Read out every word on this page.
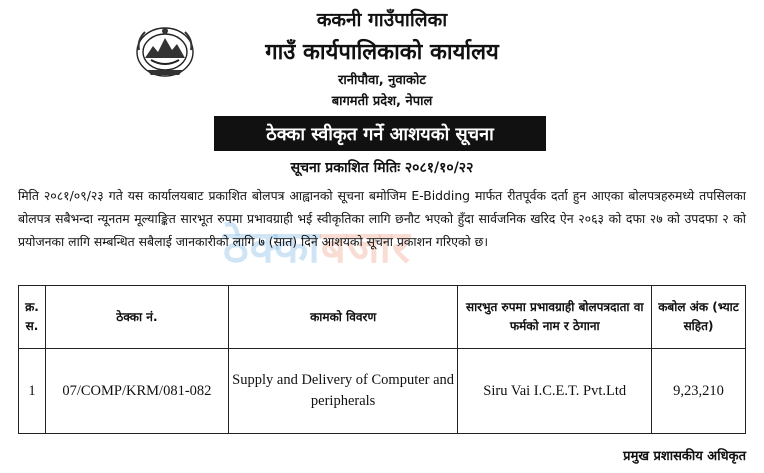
ककनी गाउँपालिका
गाउँ कार्यपालिकाको कार्यालय
रानीपौवा, नुवाकोट
बागमती प्रदेश, नेपाल
ठेक्का स्वीकृत गर्ने आशयको सूचना
सूचना प्रकाशित मितिः २०८१/१०/२२
ठेक्काबजार

मिति २०८१/०९/२३ गते यस कार्यालयबाट प्रकाशित बोलपत्र आह्वानको सूचना बमोजिम E-Bidding मार्फत रीतपूर्वक दर्ता हुन आएका बोलपत्रहरुमध्ये तपसिलका बोलपत्र सबैभन्दा न्यूनतम मूल्याङ्कित सारभूत रुपमा प्रभावग्राही भई स्वीकृतिका लागि छनौट भएको हुँदा सार्वजनिक खरिद ऐन २०६३ को दफा २७ को उपदफा २ को प्रयोजनका लागि सम्बन्धित सबैलाई जानकारीको लागि ७ (सात) दिने आशयको सूचना प्रकाशन गरिएको छ।

क्र. स.	ठेक्का नं.	कामको विवरण	सारभुत रुपमा प्रभावग्राही बोलपत्रदाता वा फर्मको नाम र ठेगाना	कबोल अंक (भ्याट सहित)
1	07/COMP/KRM/081-082	Supply and Delivery of Computer and peripherals	Siru Vai I.C.E.T. Pvt.Ltd	9,23,210
प्रमुख प्रशासकीय अधिकृत
